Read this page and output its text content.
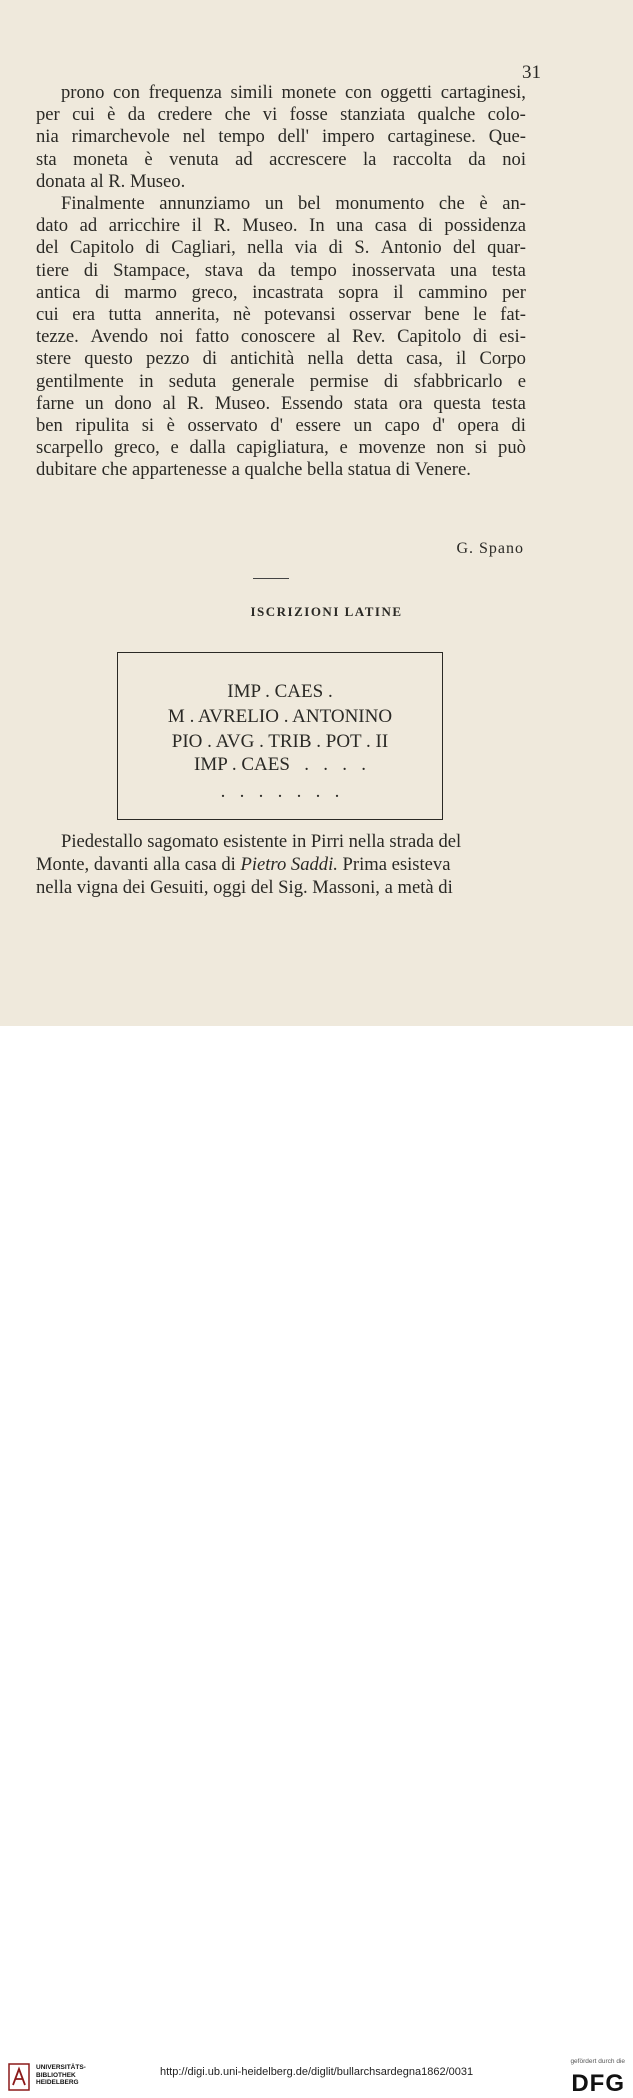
31
prono con frequenza simili monete con oggetti cartaginesi,
per cui è da credere che vi fosse stanziata qualche colo-
nia rimarchevole nel tempo dell' impero cartaginese. Que-
sta moneta è venuta ad accrescere la raccolta da noi
donata al R. Museo.
Finalmente annunziamo un bel monumento che è an-
dato ad arricchire il R. Museo. In una casa di possidenza
del Capitolo di Cagliari, nella via di S. Antonio del quar-
tiere di Stampace, stava da tempo inosservata una testa
antica di marmo greco, incastrata sopra il cammino per
cui era tutta annerita, nè potevansi osservar bene le fat-
tezze. Avendo noi fatto conoscere al Rev. Capitolo di esi-
stere questo pezzo di antichità nella detta casa, il Corpo
gentilmente in seduta generale permise di sfabbricarlo e
farne un dono al R. Museo. Essendo stata ora questa testa
ben ripulita si è osservato d' essere un capo d' opera di
scarpello greco, e dalla capigliatura, e movenze non si può
dubitare che appartenesse a qualche bella statua di Venere.
G. Spano
ISCRIZIONI LATINE
IMP . CAES .
M . AVRELIO . ANTONINO
PIO . AVG . TRIB . POT . II
IMP . CAES   .   .   .   .
.   .   .   .   .   .   .
Piedestallo sagomato esistente in Pirri nella strada del
Monte, davanti alla casa di Pietro Saddi. Prima esisteva
nella vigna dei Gesuiti, oggi del Sig. Massoni, a metà di
UNIVERSITÄTS-
BIBLIOTHEK
HEIDELBERG
http://digi.ub.uni-heidelberg.de/diglit/bullarchsardegna1862/0031
gefördert durch die
DFG
